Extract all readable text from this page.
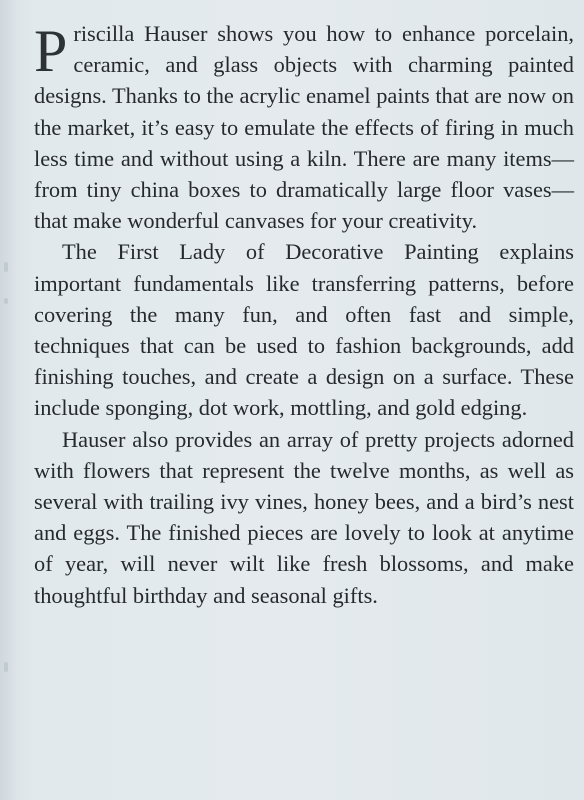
Priscilla Hauser shows you how to enhance porcelain, ceramic, and glass objects with charming painted designs. Thanks to the acrylic enamel paints that are now on the market, it’s easy to emulate the effects of firing in much less time and without using a kiln. There are many items—from tiny china boxes to dramatically large floor vases—that make wonderful canvases for your creativity.

The First Lady of Decorative Painting explains important fundamentals like transferring patterns, before covering the many fun, and often fast and simple, techniques that can be used to fashion backgrounds, add finishing touches, and create a design on a surface. These include sponging, dot work, mottling, and gold edging.

Hauser also provides an array of pretty projects adorned with flowers that represent the twelve months, as well as several with trailing ivy vines, honey bees, and a bird’s nest and eggs. The finished pieces are lovely to look at anytime of year, will never wilt like fresh blossoms, and make thoughtful birthday and seasonal gifts.
